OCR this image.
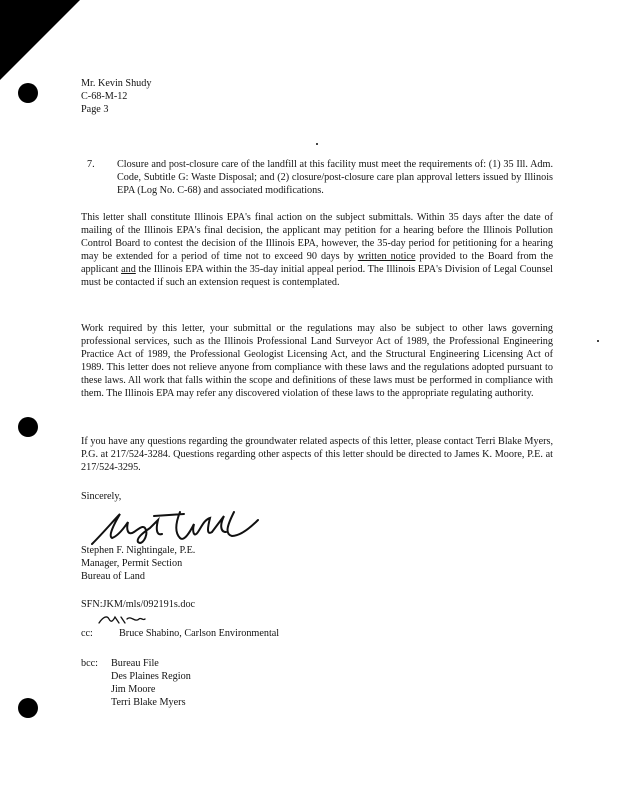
Mr. Kevin Shudy
C-68-M-12
Page 3
7. Closure and post-closure care of the landfill at this facility must meet the requirements of: (1) 35 Ill. Adm. Code, Subtitle G: Waste Disposal; and (2) closure/post-closure care plan approval letters issued by Illinois EPA (Log No. C-68) and associated modifications.
This letter shall constitute Illinois EPA's final action on the subject submittals. Within 35 days after the date of mailing of the Illinois EPA's final decision, the applicant may petition for a hearing before the Illinois Pollution Control Board to contest the decision of the Illinois EPA, however, the 35-day period for petitioning for a hearing may be extended for a period of time not to exceed 90 days by written notice provided to the Board from the applicant and the Illinois EPA within the 35-day initial appeal period. The Illinois EPA's Division of Legal Counsel must be contacted if such an extension request is contemplated.
Work required by this letter, your submittal or the regulations may also be subject to other laws governing professional services, such as the Illinois Professional Land Surveyor Act of 1989, the Professional Engineering Practice Act of 1989, the Professional Geologist Licensing Act, and the Structural Engineering Licensing Act of 1989. This letter does not relieve anyone from compliance with these laws and the regulations adopted pursuant to these laws. All work that falls within the scope and definitions of these laws must be performed in compliance with them. The Illinois EPA may refer any discovered violation of these laws to the appropriate regulating authority.
If you have any questions regarding the groundwater related aspects of this letter, please contact Terri Blake Myers, P.G. at 217/524-3284. Questions regarding other aspects of this letter should be directed to James K. Moore, P.E. at 217/524-3295.
Sincerely,
Stephen F. Nightingale, P.E.
Manager, Permit Section
Bureau of Land
SFN:JKM/mls/092191s.doc
cc:	Bruce Shabino, Carlson Environmental
bcc: Bureau File
Des Plaines Region
Jim Moore
Terri Blake Myers
